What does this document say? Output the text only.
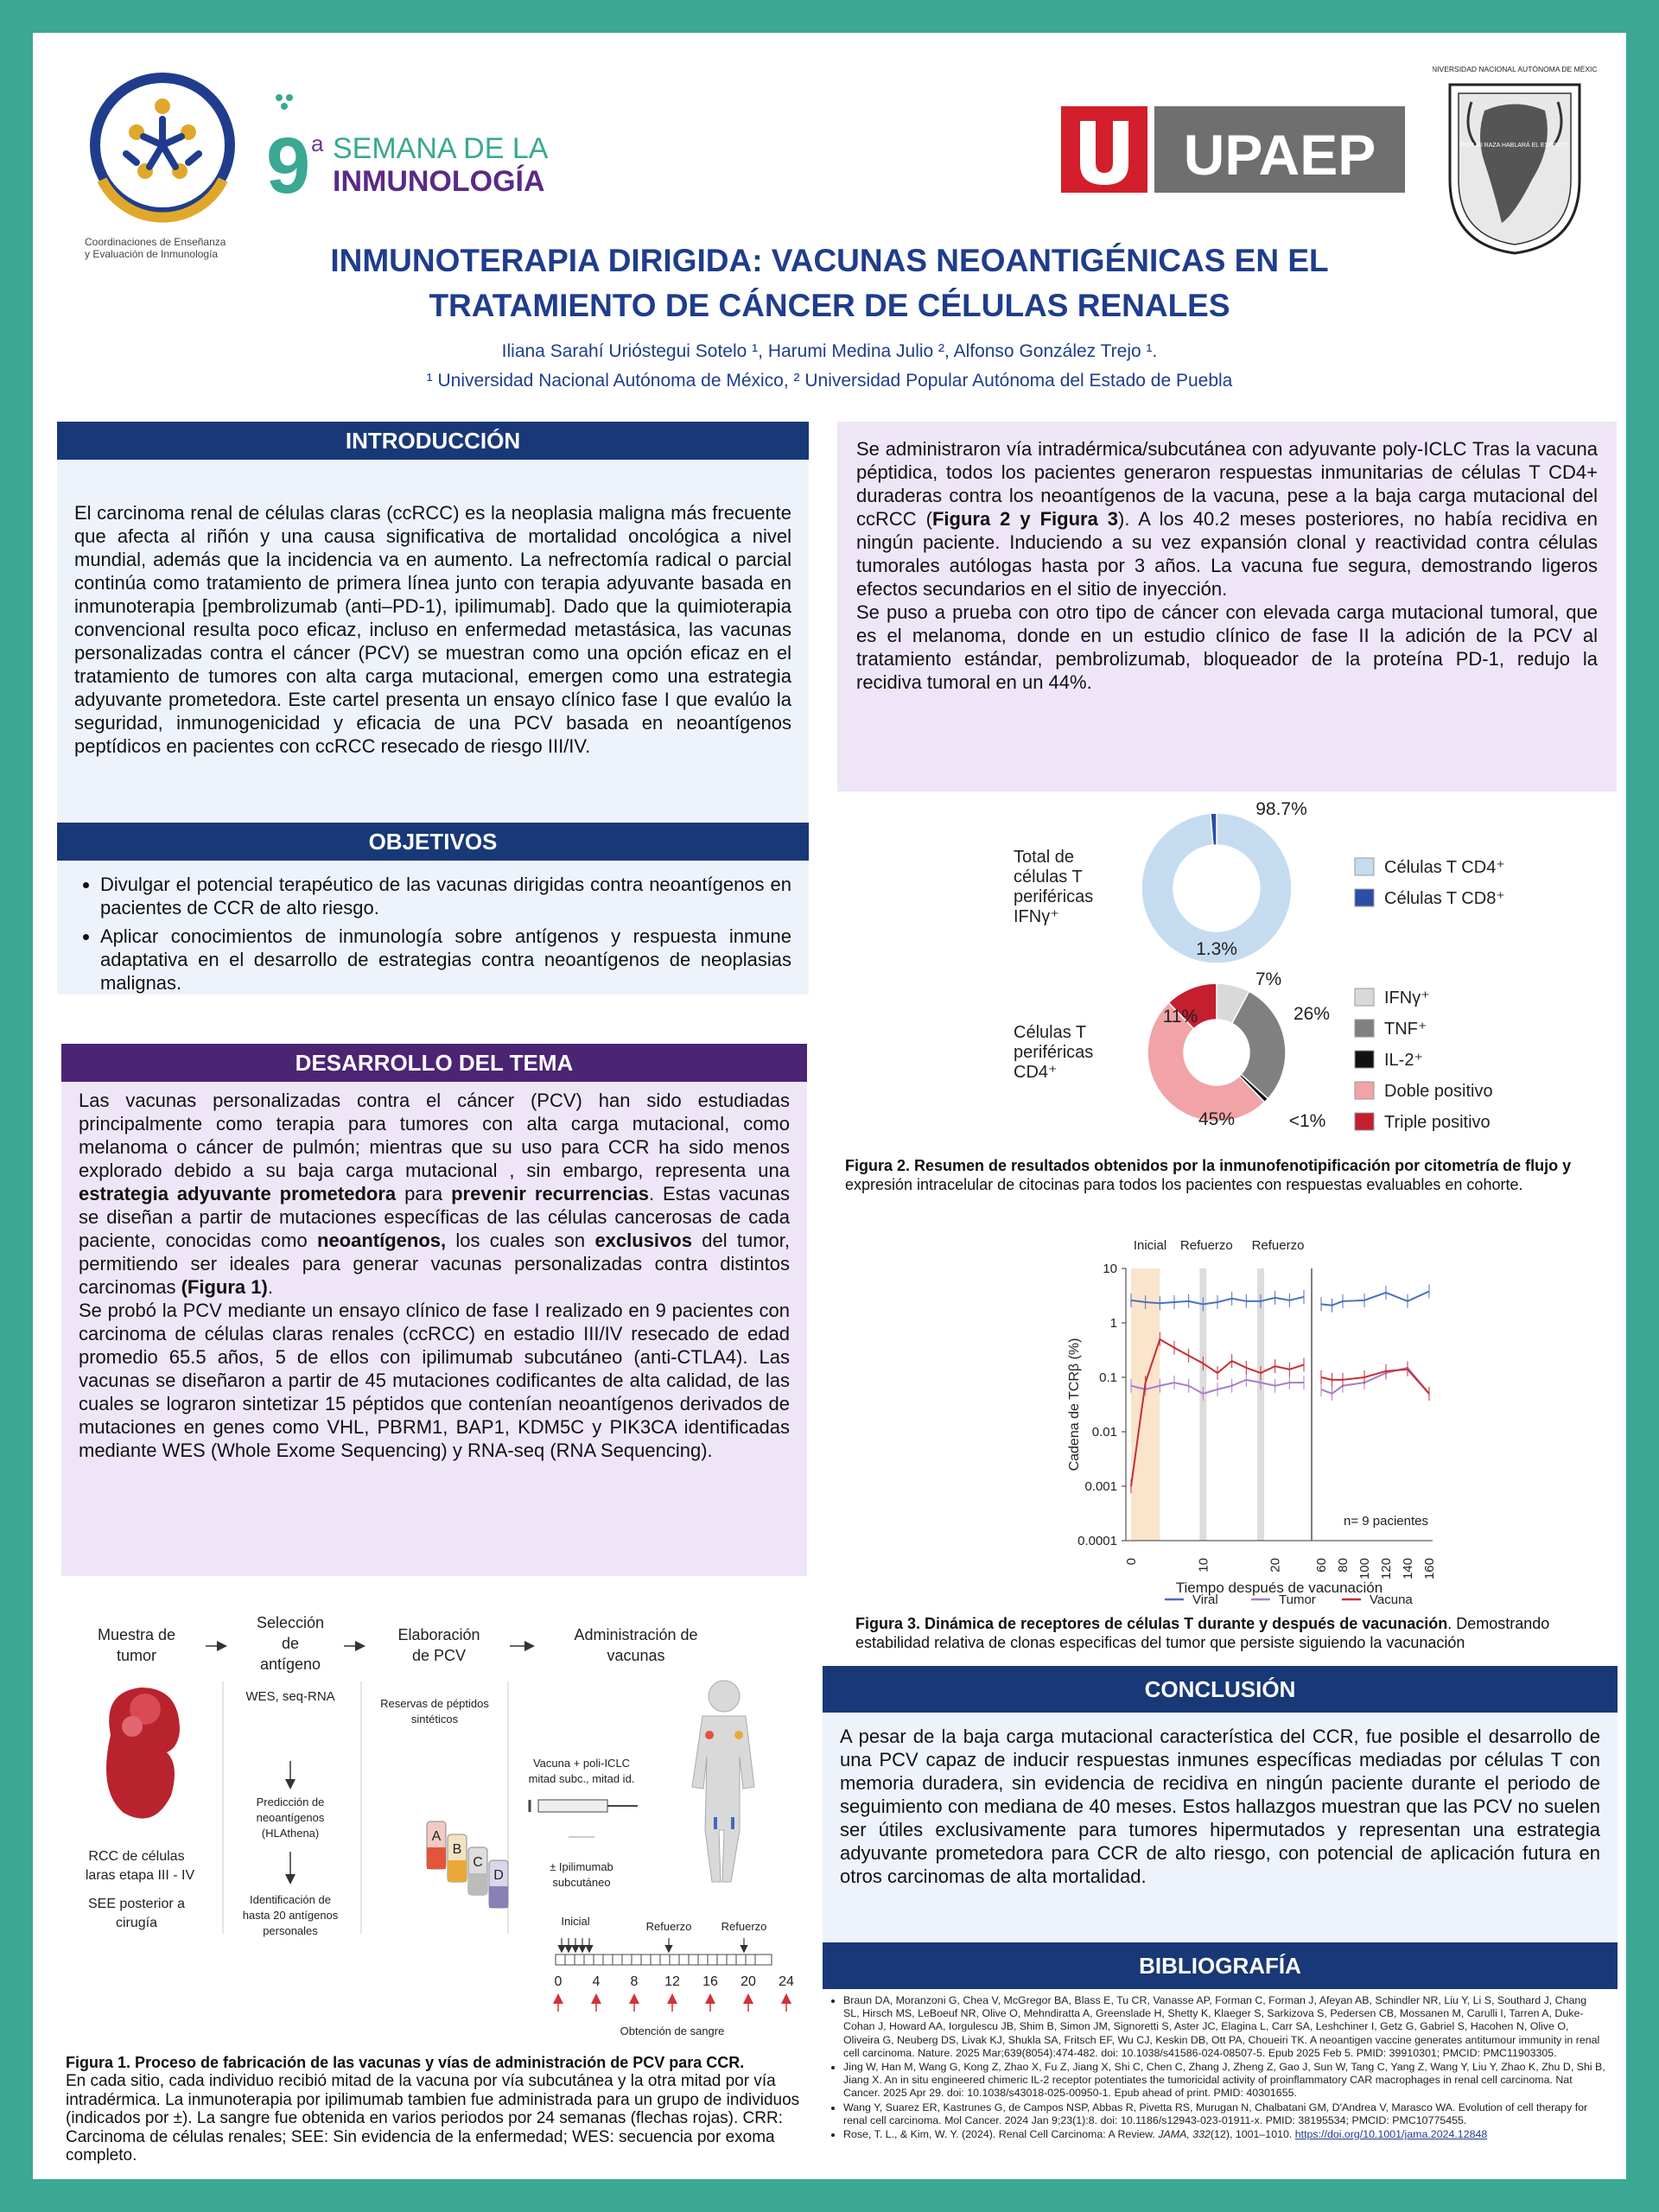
Coordinaciones de Enseñanza
y Evaluación de Inmunología
9 a SEMANA DE LA
INMUNOLOGÍA	UPAEP
UNIVERSIDAD NACIONAL AUTÓNOMA DE MÉXICO
POR MI RAZA HABLARÁ EL ESPÍRITU
INMUNOTERAPIA DIRIGIDA: VACUNAS NEOANTIGÉNICAS EN EL
TRATAMIENTO DE CÁNCER DE CÉLULAS RENALES
Iliana Sarahí Urióstegui Sotelo ¹, Harumi Medina Julio ², Alfonso González Trejo ¹.
¹ Universidad Nacional Autónoma de México, ² Universidad Popular Autónoma del Estado de Puebla
INTRODUCCIÓN
El carcinoma renal de células claras (ccRCC) es la neoplasia maligna más frecuente que afecta al riñón y una causa significativa de mortalidad oncológica a nivel mundial, además que la incidencia va en aumento. La nefrectomía radical o parcial continúa como tratamiento de primera línea junto con terapia adyuvante basada en inmunoterapia [pembrolizumab (anti–PD-1), ipilimumab]. Dado que la quimioterapia convencional resulta poco eficaz, incluso en enfermedad metastásica, las vacunas personalizadas contra el cáncer (PCV) se muestran como una opción eficaz en el tratamiento de tumores con alta carga mutacional, emergen como una estrategia adyuvante prometedora. Este cartel presenta un ensayo clínico fase I que evalúo la seguridad, inmunogenicidad y eficacia de una PCV basada en neoantígenos peptídicos en pacientes con ccRCC resecado de riesgo III/IV.
OBJETIVOS
• Divulgar el potencial terapéutico de las vacunas dirigidas contra neoantígenos en pacientes de CCR de alto riesgo.
• Aplicar conocimientos de inmunología sobre antígenos y respuesta inmune adaptativa en el desarrollo de estrategias contra neoantígenos de neoplasias malignas.
DESARROLLO DEL TEMA
Las vacunas personalizadas contra el cáncer (PCV) han sido estudiadas principalmente como terapia para tumores con alta carga mutacional, como melanoma o cáncer de pulmón; mientras que su uso para CCR ha sido menos explorado debido a su baja carga mutacional , sin embargo, representa una estrategia adyuvante prometedora para prevenir recurrencias. Estas vacunas se diseñan a partir de mutaciones específicas de las células cancerosas de cada paciente, conocidas como neoantígenos, los cuales son exclusivos del tumor, permitiendo ser ideales para generar vacunas personalizadas contra distintos carcinomas (Figura 1).
Se probó la PCV mediante un ensayo clínico de fase I realizado en 9 pacientes con carcinoma de células claras renales (ccRCC) en estadio III/IV resecado de edad promedio 65.5 años, 5 de ellos con ipilimumab subcutáneo (anti-CTLA4). Las vacunas se diseñaron a partir de 45 mutaciones codificantes de alta calidad, de las cuales se lograron sintetizar 15 péptidos que contenían neoantígenos derivados de mutaciones en genes como VHL, PBRM1, BAP1, KDM5C y PIK3CA identificadas mediante WES (Whole Exome Sequencing) y RNA-seq (RNA Sequencing).
Muestra de
tumor
Selección
de
antígeno
Elaboración
de PCV
Administración de
vacunas
RCC de células
claras etapa III - IV
SEE posterior a
cirugía
WES, seq-RNA
Predicción de
neoantígenos
(HLAthena)
Identificación de
hasta 20 antígenos
personales
Reservas de péptidos
sintéticos
A
B
C
D
Vacuna + poli-ICLC
mitad subc., mitad id.
± Ipilimumab
subcutáneo
Inicial	Refuerzo	Refuerzo
0 4 8 12 16 20 24
Obtención de sangre
Figura 1. Proceso de fabricación de las vacunas y vías de administración de PCV para CCR.
En cada sitio, cada individuo recibió mitad de la vacuna por vía subcutánea y la otra mitad por vía intradérmica. La inmunoterapia por ipilimumab tambien fue administrada para un grupo de individuos (indicados por ±). La sangre fue obtenida en varios periodos por 24 semanas (flechas rojas). CRR: Carcinoma de células renales; SEE: Sin evidencia de la enfermedad; WES: secuencia por exoma completo.
Se administraron vía intradérmica/subcutánea con adyuvante poly-ICLC Tras la vacuna péptidica, todos los pacientes generaron respuestas inmunitarias de células T CD4+ duraderas contra los neoantígenos de la vacuna, pese a la baja carga mutacional del ccRCC (Figura 2 y Figura 3). A los 40.2 meses posteriores, no había recidiva en ningún paciente. Induciendo a su vez expansión clonal y reactividad contra células tumorales autólogas hasta por 3 años. La vacuna fue segura, demostrando ligeros efectos secundarios en el sitio de inyección.
Se puso a prueba con otro tipo de cáncer con elevada carga mutacional tumoral, que es el melanoma, donde en un estudio clínico de fase II la adición de la PCV al tratamiento estándar, pembrolizumab, bloqueador de la proteína PD-1, redujo la recidiva tumoral en un 44%.
Total de
células T
periféricas
IFNγ⁺
Células T
periféricas
CD4⁺
98.7%
1.3%
7%
26%
<1%
45%
11%
Células T CD4⁺
Células T CD8⁺
IFNγ⁺
TNF⁺
IL-2⁺
Doble positivo
Triple positivo
Figura 2. Resumen de resultados obtenidos por la inmunofenotipificación por citometría de flujo y expresión intracelular de citocinas para todos los pacientes con respuestas evaluables en cohorte.
Inicial Refuerzo Refuerzo
10
1
0.1
0.01
0.001
0.0001
0	10	20 60 80 100 120 140 160
Tiempo después de vacunación
Cadena de TCRβ (%)
n= 9 pacientes
Viral	Tumor	Vacuna
Figura 3. Dinámica de receptores de células T durante y después de vacunación. Demostrando estabilidad relativa de clonas especificas del tumor que persiste siguiendo la vacunación
CONCLUSIÓN
A pesar de la baja carga mutacional característica del CCR, fue posible el desarrollo de una PCV capaz de inducir respuestas inmunes específicas mediadas por células T con memoria duradera, sin evidencia de recidiva en ningún paciente durante el periodo de seguimiento con mediana de 40 meses. Estos hallazgos muestran que las PCV no suelen ser útiles exclusivamente para tumores hipermutados y representan una estrategia adyuvante prometedora para CCR de alto riesgo, con potencial de aplicación futura en otros carcinomas de alta mortalidad.
BIBLIOGRAFÍA
• Braun DA, Moranzoni G, Chea V, McGregor BA, Blass E, Tu CR, Vanasse AP, Forman C, Forman J, Afeyan AB, Schindler NR, Liu Y, Li S, Southard J, Chang SL, Hirsch MS, LeBoeuf NR, Olive O, Mehndiratta A, Greenslade H, Shetty K, Klaeger S, Sarkizova S, Pedersen CB, Mossanen M, Carulli I, Tarren A, Duke-Cohan J, Howard AA, Iorgulescu JB, Shim B, Simon JM, Signoretti S, Aster JC, Elagina L, Carr SA, Leshchiner I, Getz G, Gabriel S, Hacohen N, Olive O, Oliveira G, Neuberg DS, Livak KJ, Shukla SA, Fritsch EF, Wu CJ, Keskin DB, Ott PA, Choueiri TK. A neoantigen vaccine generates antitumour immunity in renal cell carcinoma. Nature. 2025 Mar;639(8054):474-482. doi: 10.1038/s41586-024-08507-5. Epub 2025 Feb 5. PMID: 39910301; PMCID: PMC11903305.
• Jing W, Han M, Wang G, Kong Z, Zhao X, Fu Z, Jiang X, Shi C, Chen C, Zhang J, Zheng Z, Gao J, Sun W, Tang C, Yang Z, Wang Y, Liu Y, Zhao K, Zhu D, Shi B, Jiang X. An in situ engineered chimeric IL-2 receptor potentiates the tumoricidal activity of proinflammatory CAR macrophages in renal cell carcinoma. Nat Cancer. 2025 Apr 29. doi: 10.1038/s43018-025-00950-1. Epub ahead of print. PMID: 40301655.
• Wang Y, Suarez ER, Kastrunes G, de Campos NSP, Abbas R, Pivetta RS, Murugan N, Chalbatani GM, D'Andrea V, Marasco WA. Evolution of cell therapy for renal cell carcinoma. Mol Cancer. 2024 Jan 9;23(1):8. doi: 10.1186/s12943-023-01911-x. PMID: 38195534; PMCID: PMC10775455.
• Rose, T. L., & Kim, W. Y. (2024). Renal Cell Carcinoma: A Review. JAMA, 332(12), 1001–1010. https://doi.org/10.1001/jama.2024.12848
